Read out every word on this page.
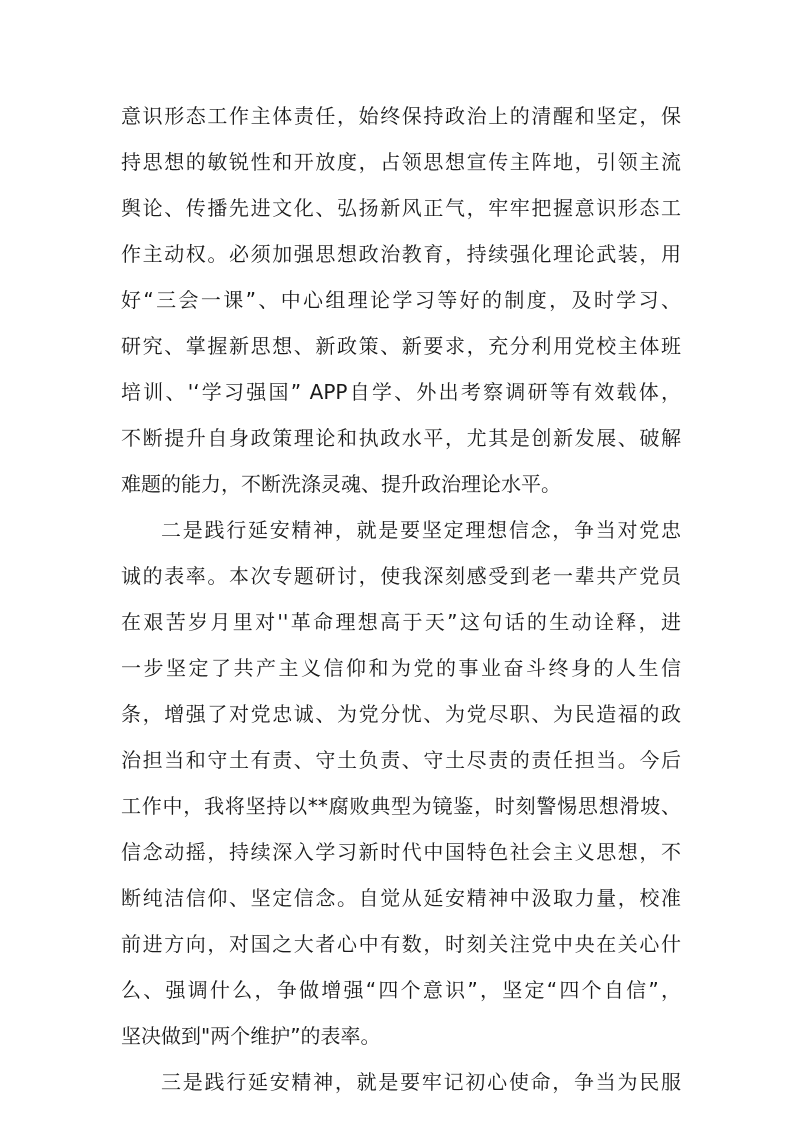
意识形态工作主体责任，始终保持政治上的清醒和坚定，保

持思想的敏锐性和开放度，占领思想宣传主阵地，引领主流

舆论、传播先进文化、弘扬新风正气，牢牢把握意识形态工

作主动权。必须加强思想政治教育，持续强化理论武装，用

好“三会一课”、中心组理论学习等好的制度，及时学习、

研究、掌握新思想、新政策、新要求，充分利用党校主体班

培训、'‘学习强国” APP自学、外出考察调研等有效载体，

不断提升自身政策理论和执政水平，尤其是创新发展、破解

难题的能力，不断洗涤灵魂、提升政治理论水平。

二是践行延安精神，就是要坚定理想信念，争当对党忠

诚的表率。本次专题研讨，使我深刻感受到老一辈共产党员

在艰苦岁月里对''革命理想高于天”这句话的生动诠释，进

一步坚定了共产主义信仰和为党的事业奋斗终身的人生信

条，增强了对党忠诚、为党分忧、为党尽职、为民造福的政

治担当和守土有责、守土负责、守土尽责的责任担当。今后

工作中，我将坚持以**腐败典型为镜鉴，时刻警惕思想滑坡、

信念动摇，持续深入学习新时代中国特色社会主义思想，不

断纯洁信仰、坚定信念。自觉从延安精神中汲取力量，校准

前进方向，对国之大者心中有数，时刻关注党中央在关心什

么、强调什么，争做增强“四个意识”，坚定“四个自信”，

坚决做到"两个维护”的表率。

三是践行延安精神，就是要牢记初心使命，争当为民服
